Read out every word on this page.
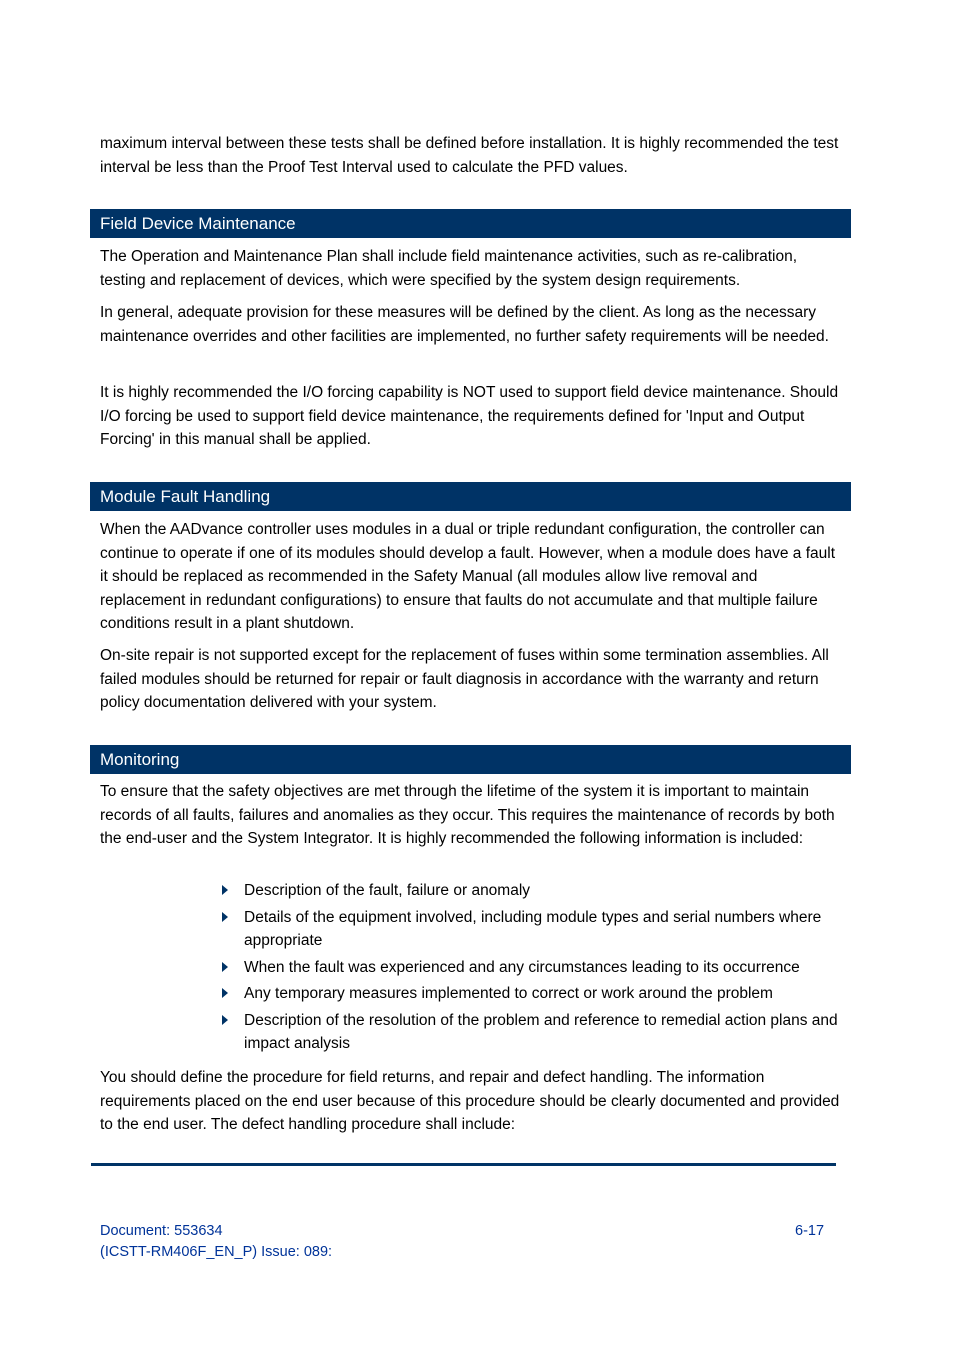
maximum interval between these tests shall be defined before installation. It is highly recommended the test interval be less than the Proof Test Interval used to calculate the PFD values.

Field Device Maintenance

The Operation and Maintenance Plan shall include field maintenance activities, such as re-calibration, testing and replacement of devices, which were specified by the system design requirements.

In general, adequate provision for these measures will be defined by the client. As long as the necessary maintenance overrides and other facilities are implemented, no further safety requirements will be needed.

It is highly recommended the I/O forcing capability is NOT used to support field device maintenance. Should I/O forcing be used to support field device maintenance, the requirements defined for 'Input and Output Forcing' in this manual shall be applied.

Module Fault Handling

When the AADvance controller uses modules in a dual or triple redundant configuration, the controller can continue to operate if one of its modules should develop a fault. However, when a module does have a fault it should be replaced as recommended in the Safety Manual (all modules allow live removal and replacement in redundant configurations) to ensure that faults do not accumulate and that multiple failure conditions result in a plant shutdown.

On-site repair is not supported except for the replacement of fuses within some termination assemblies. All failed modules should be returned for repair or fault diagnosis in accordance with the warranty and return policy documentation delivered with your system.

Monitoring

To ensure that the safety objectives are met through the lifetime of the system it is important to maintain records of all faults, failures and anomalies as they occur. This requires the maintenance of records by both the end-user and the System Integrator. It is highly recommended the following information is included:

Description of the fault, failure or anomaly
Details of the equipment involved, including module types and serial numbers where appropriate
When the fault was experienced and any circumstances leading to its occurrence
Any temporary measures implemented to correct or work around the problem
Description of the resolution of the problem and reference to remedial action plans and impact analysis

You should define the procedure for field returns, and repair and defect handling. The information requirements placed on the end user because of this procedure should be clearly documented and provided to the end user. The defect handling procedure shall include:

Document: 553634

(ICSTT-RM406F_EN_P) Issue: 089:

6-17
